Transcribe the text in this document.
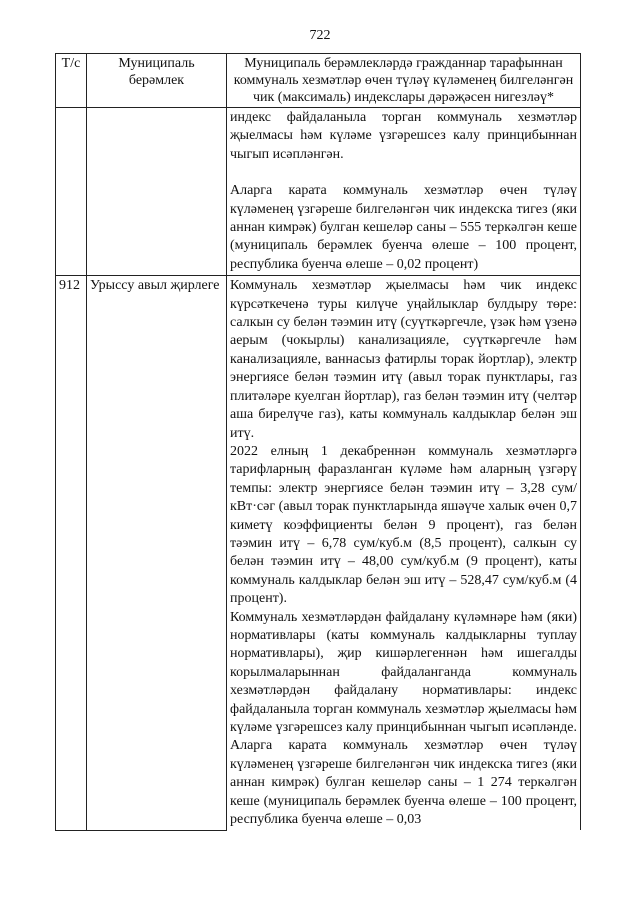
722
Т/с	Муниципаль берәмлек	Муниципаль берәмлекләрдә гражданнар тарафыннан коммуналь хезмәтләр өчен түләү күләменең билгеләнгән чик (максималь) индекслары дәрәҗәсен нигезләү*

		индекс файдаланыла торган коммуналь хезмәтләр җыелмасы һәм күләме үзгәрешсез калу принцибыннан чыгып исәпләнгән.

Аларга карата коммуналь хезмәтләр өчен түләү күләменең үзгәреше билгеләнгән чик индекска тигез (яки аннан кимрәк) булган кешеләр саны – 555 теркәлгән кеше (муниципаль берәмлек буенча өлеше – 100 процент, республика буенча өлеше – 0,02 процент)

912	Урыссу авыл җирлеге	Коммуналь хезмәтләр җыелмасы һәм чик индекс күрсәткеченә туры килүче уңайлыклар булдыру төре: салкын су белән тәэмин итү (суүткәргечле, үзәк һәм үзенә аерым (чокырлы) канализацияле, суүткәргечле һәм канализацияле, ваннасыз фатирлы торак йортлар), электр энергиясе белән тәэмин итү (авыл торак пунктлары, газ плитәләре куелган йортлар), газ белән тәэмин итү (челтәр аша бирелүче газ), каты коммуналь калдыклар белән эш итү.

2022 елның 1 декабреннән коммуналь хезмәтләргә тарифларның фаразланган күләме һәм аларның үзгәрү темпы: электр энергиясе белән тәэмин итү – 3,28 сум/кВт·сәг (авыл торак пунктларында яшәүче халык өчен 0,7 киметү коэффициенты белән 9 процент), газ белән тәэмин итү – 6,78 сум/куб.м (8,5 процент), салкын су белән тәэмин итү – 48,00 сум/куб.м (9 процент), каты коммуналь калдыклар белән эш итү – 528,47 сум/куб.м (4 процент).

Коммуналь хезмәтләрдән файдалану күләмнәре һәм (яки) нормативлары (каты коммуналь калдыкларны туплау нормативлары), җир кишәрлегеннән һәм ишегалды корылмаларыннан файдаланганда коммуналь хезмәтләрдән файдалану нормативлары: индекс файдаланыла торган коммуналь хезмәтләр җыелмасы һәм күләме үзгәрешсез калу принцибыннан чыгып исәпләнде.

Аларга карата коммуналь хезмәтләр өчен түләү күләменең үзгәреше билгеләнгән чик индекска тигез (яки аннан кимрәк) булган кешеләр саны – 1 274 теркәлгән кеше (муниципаль берәмлек буенча өлеше – 100 процент, республика буенча өлеше – 0,03
